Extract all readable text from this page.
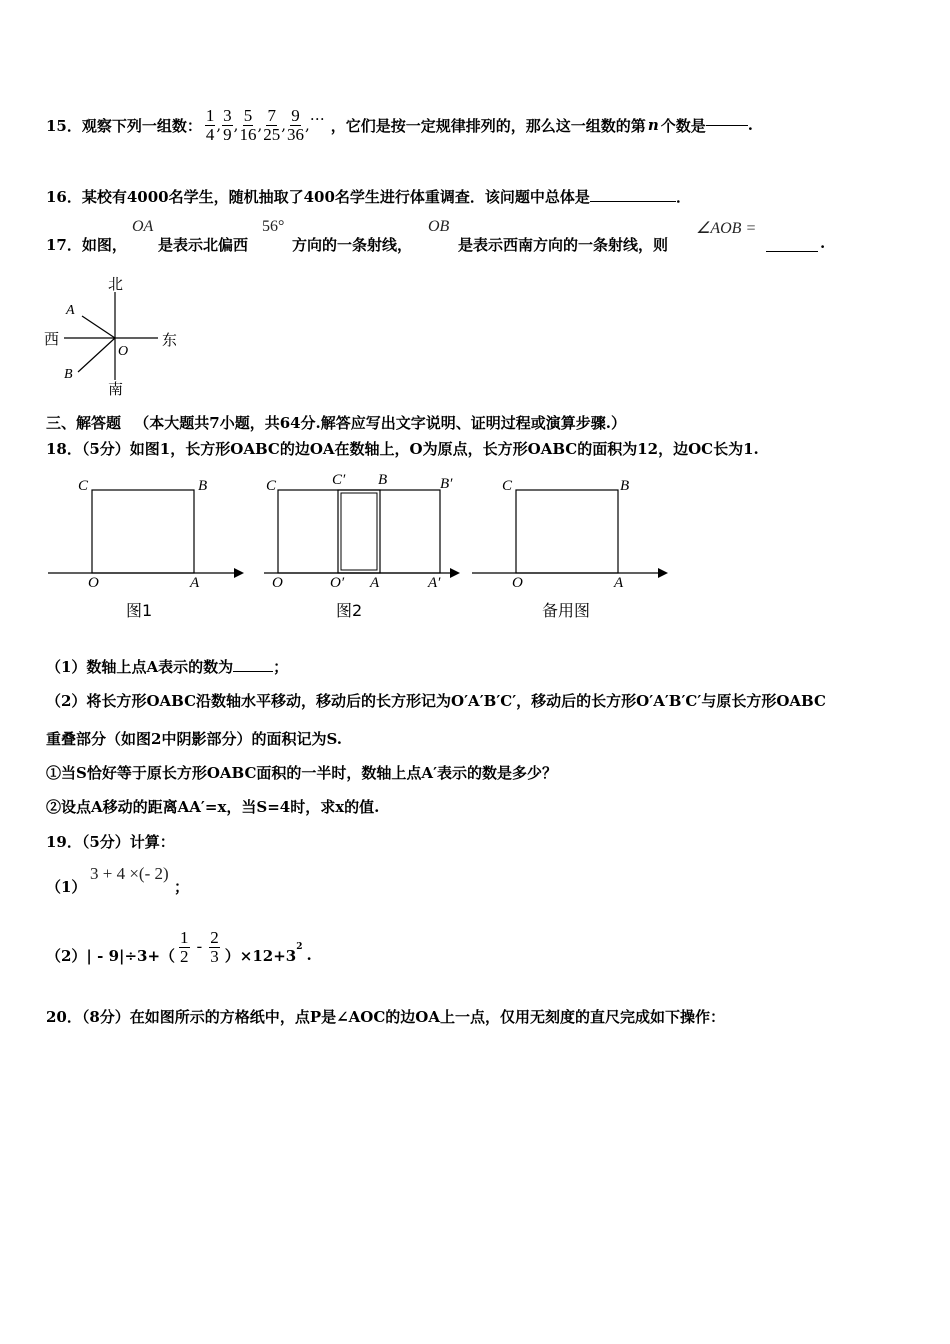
15． 观察下列一组数： $\frac{1}{4}$ , $\frac{3}{9}$ , $\frac{5}{16}$ , $\frac{7}{25}$ , $\frac{9}{36}$ ,
…
，它们是按一定规律排列的，那么这一组数的第 n 个数是	.
16．某校有4000名学生，随机抽取了400名学生进行体重调查．该问题中总体是	．
17．如图，
OA
是表示北偏西
56°
方向的一条射线，
OB
是表示西南方向的一条射线，则
∠AOB =
.
北
南
西	东
A
B
O
三、解答题 （本大题共7小题，共64分.解答应写出文字说明、证明过程或演算步骤.）
18．（5分）如图1，长方形OABC的边OA在数轴上，O为原点，长方形OABC的面积为12，边OC长为1.
C	B
O	A
图1
C	C′ B	B′
O	O′ A	A′
图2
C	B
O	A
备用图
（1）数轴上点A表示的数为	；
（2）将长方形OABC沿数轴水平移动，移动后的长方形记为O′A′B′C′，移动后的长方形O′A′B′C′与原长方形OABC
重叠部分（如图2中阴影部分）的面积记为S.
①当S恰好等于原长方形OABC面积的一半时，数轴上点A′表示的数是多少？
②设点A移动的距离AA′=x，当S=4时，求x的值.
19．（5分）计算：
（1）
3 + 4 ×(- 2)
；
$(2)| - 9|\div 3+( \frac{1}{2} - \frac{2}{3} )\times 12+3^2$ .
20．（8分）在如图所示的方格纸中，点P是∠AOC的边OA上一点，仅用无刻度的直尺完成如下操作：
